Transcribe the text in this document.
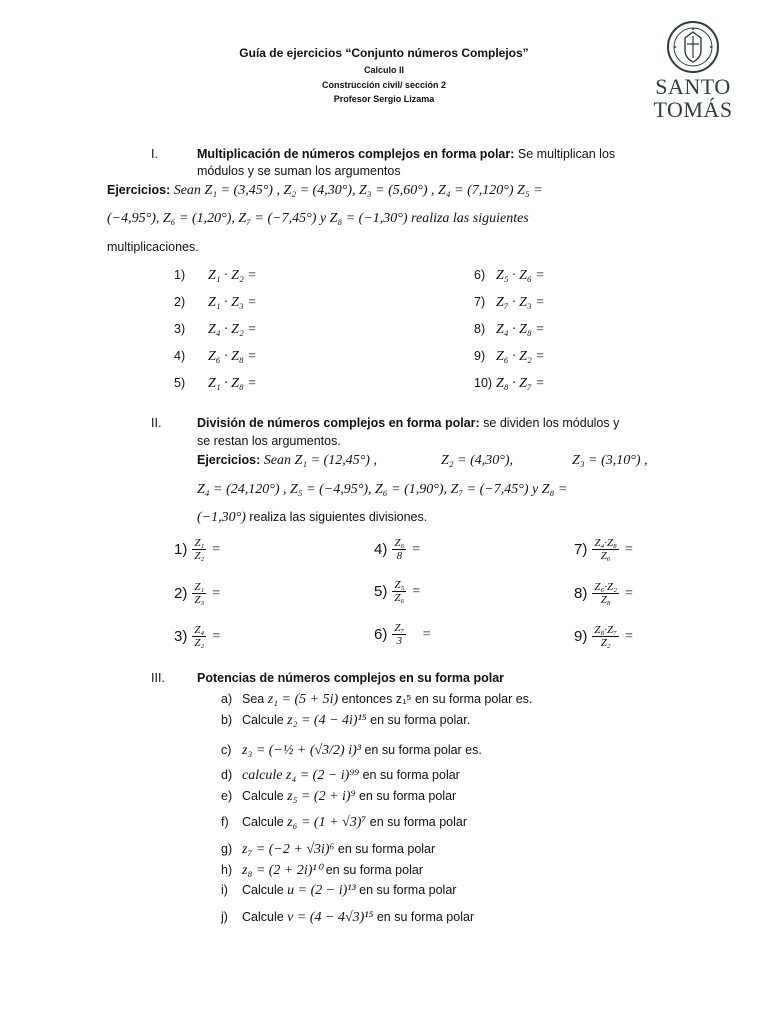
Guía de ejercicios “Conjunto números Complejos”
Calculo II
Construcción civil/ sección 2
Profesor Sergio Lizama	SANTO
TOMÁS
I.	Multiplicación de números complejos en forma polar: Se multiplican los
módulos y se suman los argumentos
Ejercicios: Sean Z₁ = (3,45°) , Z₂ = (4,30°), Z₃ = (5,60°) , Z₄ = (7,120°) Z₅ =
(−4,95°), Z₆ = (1,20°), Z₇ = (−7,45°) y Z₈ = (−1,30°) realiza las siguientes
multiplicaciones.
1)	Z₁ · Z₂ =
2)	Z₁ · Z₃ =
3)	Z₄ · Z₂ =
4)	Z₆ · Z₈ =
5)	Z₁ · Z₈ =
6) Z₅ · Z₆ =
7) Z₇ · Z₃ =
8) Z₄ · Z₈ =
9) Z₆ · Z₂ =
10) Z₈ · Z₇ =
II.	División de números complejos en forma polar: se dividen los módulos y
se restan los argumentos.
Ejercicios: Sean Z₁ = (12,45°) ,	Z₂ = (4,30°),	Z₃ = (3,10°) ,
Z₄ = (24,120°) , Z₅ = (−4,95°), Z₆ = (1,90°), Z₇ = (−7,45°) y Z₈ =
(−1,30°) realiza las siguientes divisiones.
$1) \frac{\text{Z₁}}{\text{Z₂}}$ =
$2) \frac{\text{Z₁}}{\text{Z₃}}$ =
$3) \frac{\text{Z₄}}{\text{Z₂}}$ =
$4) \frac{\text{Z₆}}{8}$ =
$5) \frac{\text{Z₅}}{\text{Z₆}}$ =
$6) \frac{\text{Z₇}}{3}$ =
$7) \frac{\text{Z₄·Z₈}}{\text{Z₆}}$ =
$8) \frac{\text{Z₆·Z₂}}{\text{Z₈}}$ =
$9) \frac{\text{Z₈·Z₇}}{\text{Z₂}}$ =
III.	Potencias de números complejos en su forma polar
a) Sea z₁ = (5 + 5i) entonces z₁⁵ en su forma polar es.
b) Calcule z₂ = (4 − 4i)¹⁵ en su forma polar.
c) z₃ = (−½ + (√3/2) i)³ en su forma polar es.
d) calcule z₄ = (2 − i)⁹⁹ en su forma polar
e) Calcule z₅ = (2 + i)⁹ en su forma polar
f) Calcule z₆ = (1 + √3)⁷ en su forma polar
g) z₇ = (−2 + √3i)⁶ en su forma polar
h) z₈ = (2 + 2i)¹⁰ en su forma polar
i) Calcule u = (2 − i)¹³ en su forma polar
j) Calcule v = (4 − 4√3)¹⁵ en su forma polar
